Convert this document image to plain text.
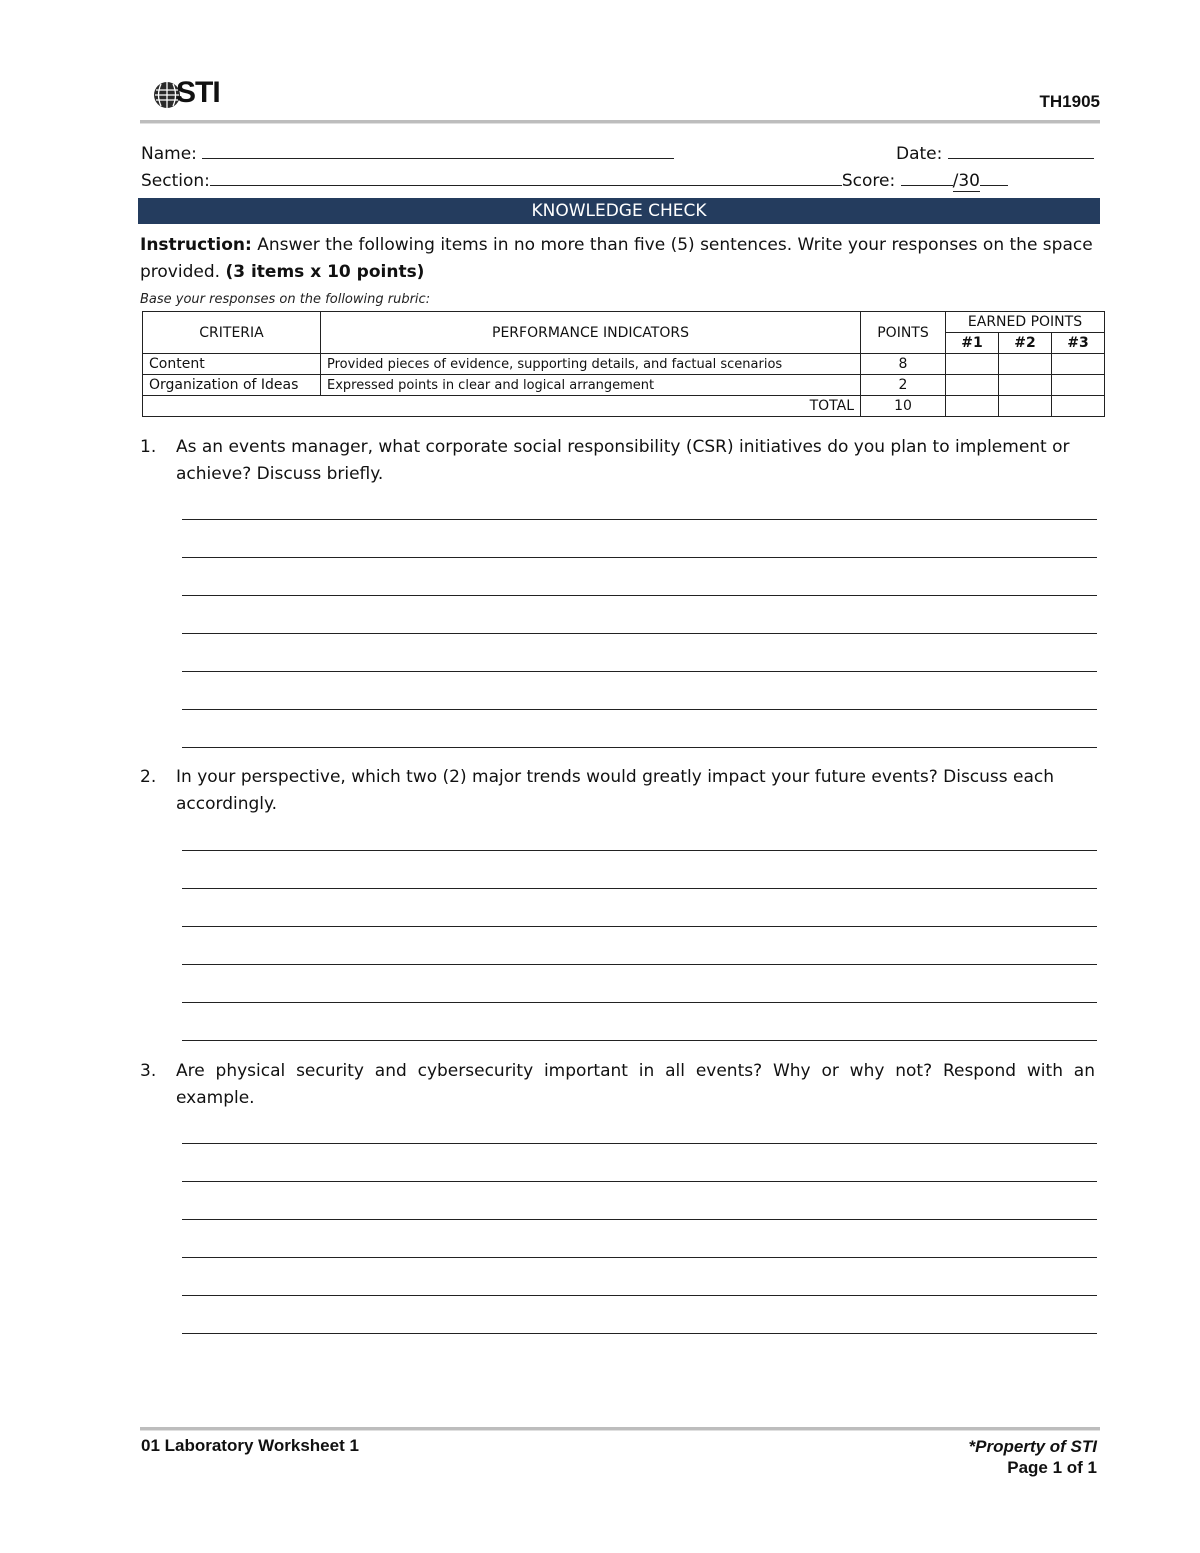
STI	TH1905
Name:	Date:
Section:	Score:	/30
KNOWLEDGE CHECK
Instruction: Answer the following items in no more than five (5) sentences. Write your responses on the space provided. (3 items x 10 points)
Base your responses on the following rubric:
CRITERIA	PERFORMANCE INDICATORS	POINTS	EARNED POINTS		
			#1	#2	#3
Content	Provided pieces of evidence, supporting details, and factual scenarios	8			
Organization of Ideas	Expressed points in clear and logical arrangement	2			
TOTAL		10			
1. As an events manager, what corporate social responsibility (CSR) initiatives do you plan to implement or achieve? Discuss briefly.
2. In your perspective, which two (2) major trends would greatly impact your future events? Discuss each accordingly.
3. Are physical security and cybersecurity important in all events? Why or why not? Respond with an example.
01 Laboratory Worksheet 1	*Property of STI
Page 1 of 1
